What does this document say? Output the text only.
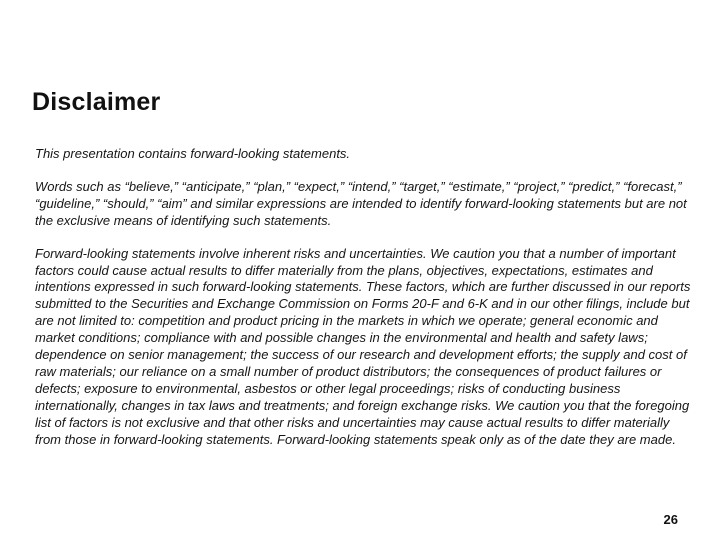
Disclaimer

This presentation contains forward-looking statements.

Words such as “believe,” “anticipate,” “plan,” “expect,” “intend,” “target,” “estimate,” “project,” “predict,” “forecast,” “guideline,” “should,” “aim” and similar expressions are intended to identify forward-looking statements but are not the exclusive means of identifying such statements.

Forward-looking statements involve inherent risks and uncertainties. We caution you that a number of important factors could cause actual results to differ materially from the plans, objectives, expectations, estimates and intentions expressed in such forward-looking statements. These factors, which are further discussed in our reports submitted to the Securities and Exchange Commission on Forms 20-F and 6-K and in our other filings, include but are not limited to: competition and product pricing in the markets in which we operate; general economic and market conditions; compliance with and possible changes in the environmental and health and safety laws; dependence on senior management; the success of our research and development efforts; the supply and cost of raw materials; our reliance on a small number of product distributors; the consequences of product failures or defects; exposure to environmental, asbestos or other legal proceedings; risks of conducting business internationally, changes in tax laws and treatments; and foreign exchange risks. We caution you that the foregoing list of factors is not exclusive and that other risks and uncertainties may cause actual results to differ materially from those in forward-looking statements. Forward-looking statements speak only as of the date they are made.

26
